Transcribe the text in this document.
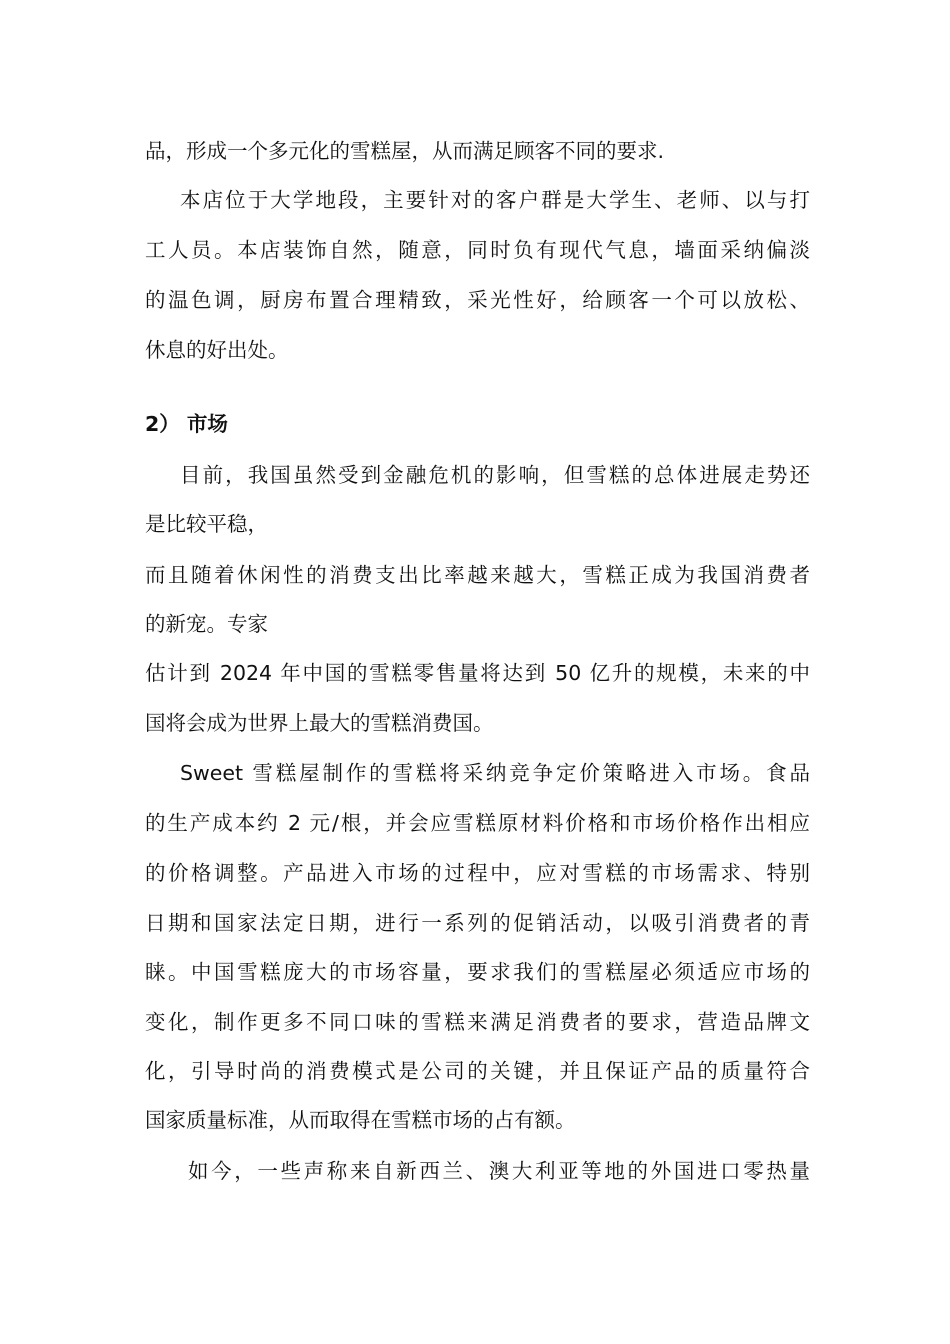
品，形成一个多元化的雪糕屋，从而满足顾客不同的要求.
本店位于大学地段，主要针对的客户群是大学生、老师、以与打
工人员。本店装饰自然，随意，同时负有现代气息，墙面采纳偏淡
的温色调，厨房布置合理精致，采光性好，给顾客一个可以放松、
休息的好出处。
2） 市场
目前，我国虽然受到金融危机的影响，但雪糕的总体进展走势还
是比较平稳，
而且随着休闲性的消费支出比率越来越大，雪糕正成为我国消费者
的新宠。专家
估计到 2024 年中国的雪糕零售量将达到 50 亿升的规模，未来的中
国将会成为世界上最大的雪糕消费国。
Sweet 雪糕屋制作的雪糕将采纳竞争定价策略进入市场。食品
的生产成本约 2 元/根，并会应雪糕原材料价格和市场价格作出相应
的价格调整。产品进入市场的过程中，应对雪糕的市场需求、特别
日期和国家法定日期，进行一系列的促销活动，以吸引消费者的青
睐。中国雪糕庞大的市场容量，要求我们的雪糕屋必须适应市场的
变化，制作更多不同口味的雪糕来满足消费者的要求，营造品牌文
化，引导时尚的消费模式是公司的关键，并且保证产品的质量符合
国家质量标准，从而取得在雪糕市场的占有额。
如今，一些声称来自新西兰、澳大利亚等地的外国进口零热量
